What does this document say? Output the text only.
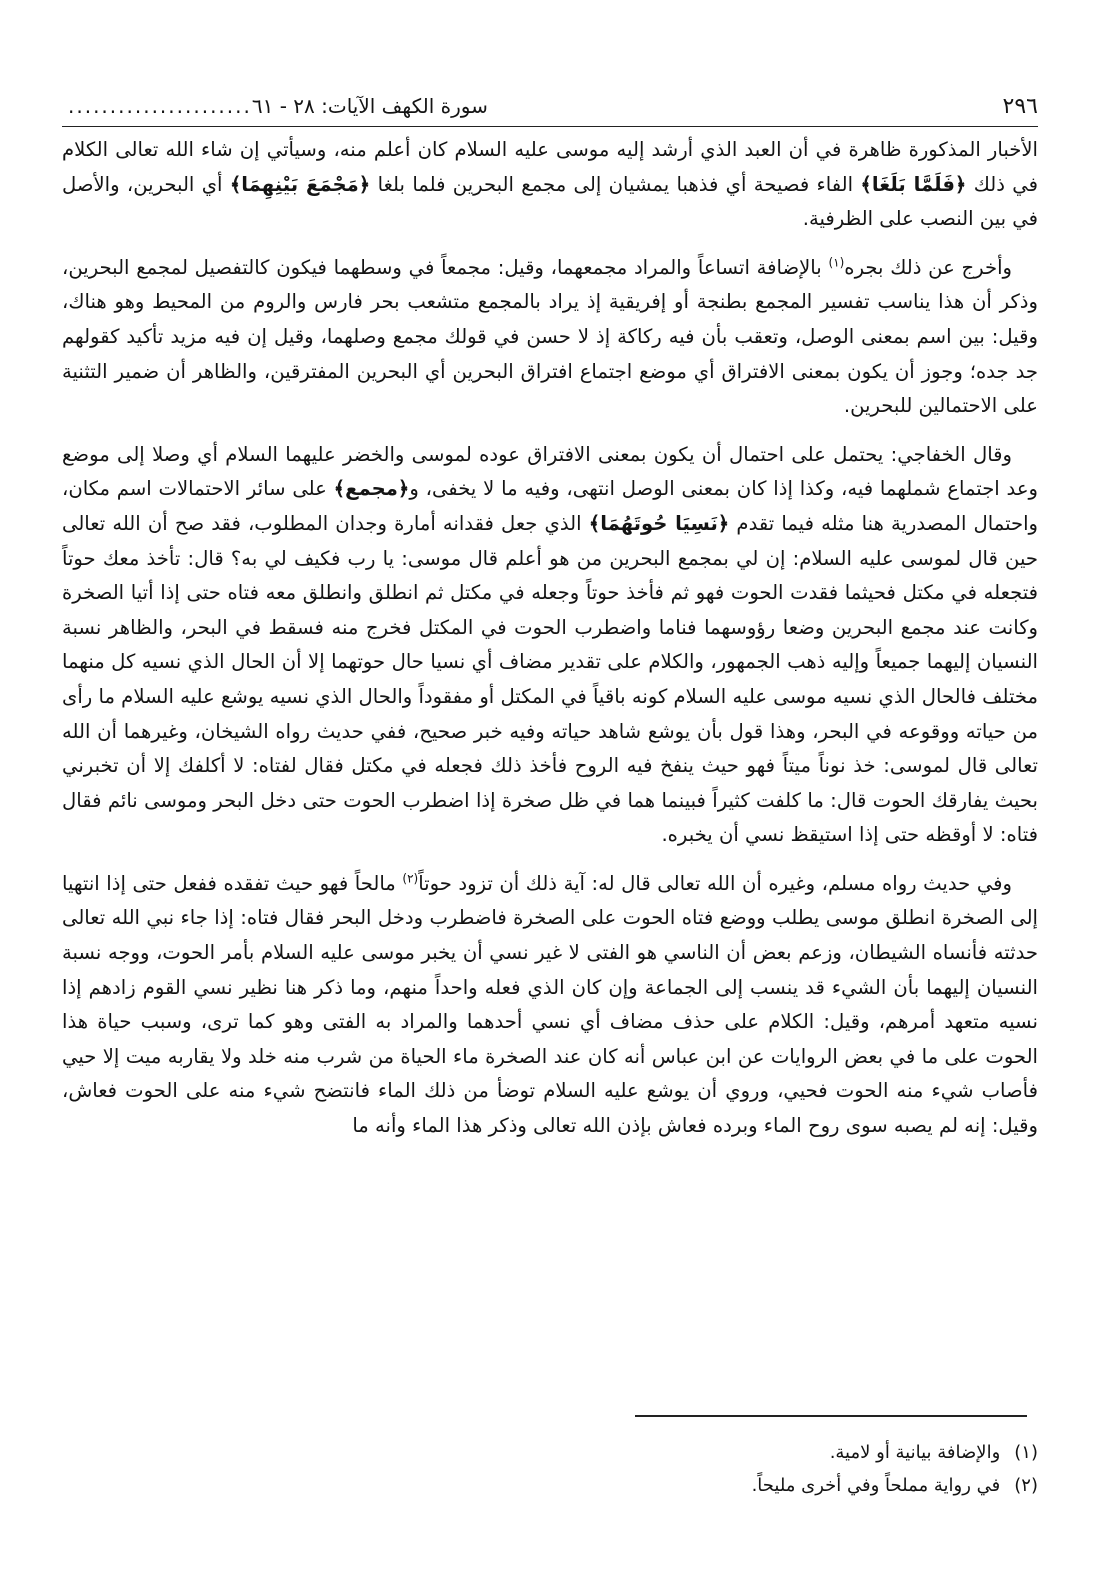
٢٩٦
سورة الكهف الآيات: ٢٨ - ٦١
......................

الأخبار المذكورة ظاهرة في أن العبد الذي أرشد إليه موسى عليه السلام كان أعلم منه، وسيأتي إن شاء الله تعالى الكلام في ذلك ﴿فَلَمَّا بَلَغَا﴾ الفاء فصيحة أي فذهبا يمشيان إلى مجمع البحرين فلما بلغا ﴿مَجْمَعَ بَيْنِهِمَا﴾ أي البحرين، والأصل في بين النصب على الظرفية.

وأخرج عن ذلك بجره$^{(١)}$ بالإضافة اتساعاً والمراد مجمعهما، وقيل: مجمعاً في وسطهما فيكون كالتفصيل لمجمع البحرين، وذكر أن هذا يناسب تفسير المجمع بطنجة أو إفريقية إذ يراد بالمجمع متشعب بحر فارس والروم من المحيط وهو هناك، وقيل: بين اسم بمعنى الوصل، وتعقب بأن فيه ركاكة إذ لا حسن في قولك مجمع وصلهما، وقيل إن فيه مزيد تأكيد كقولهم جد جده؛ وجوز أن يكون بمعنى الافتراق أي موضع اجتماع افتراق البحرين أي البحرين المفترقين، والظاهر أن ضمير التثنية على الاحتمالين للبحرين.

وقال الخفاجي: يحتمل على احتمال أن يكون بمعنى الافتراق عوده لموسى والخضر عليهما السلام أي وصلا إلى موضع وعد اجتماع شملهما فيه، وكذا إذا كان بمعنى الوصل انتهى، وفيه ما لا يخفى، و﴿مجمع﴾ على سائر الاحتمالات اسم مكان، واحتمال المصدرية هنا مثله فيما تقدم ﴿نَسِيَا حُوتَهُمَا﴾ الذي جعل فقدانه أمارة وجدان المطلوب، فقد صح أن الله تعالى حين قال لموسى عليه السلام: إن لي بمجمع البحرين من هو أعلم قال موسى: يا رب فكيف لي به؟ قال: تأخذ معك حوتاً فتجعله في مكتل فحيثما فقدت الحوت فهو ثم فأخذ حوتاً وجعله في مكتل ثم انطلق وانطلق معه فتاه حتى إذا أتيا الصخرة وكانت عند مجمع البحرين وضعا رؤوسهما فناما واضطرب الحوت في المكتل فخرج منه فسقط في البحر، والظاهر نسبة النسيان إليهما جميعاً وإليه ذهب الجمهور، والكلام على تقدير مضاف أي نسيا حال حوتهما إلا أن الحال الذي نسيه كل منهما مختلف فالحال الذي نسيه موسى عليه السلام كونه باقياً في المكتل أو مفقوداً والحال الذي نسيه يوشع عليه السلام ما رأى من حياته ووقوعه في البحر، وهذا قول بأن يوشع شاهد حياته وفيه خبر صحيح، ففي حديث رواه الشيخان، وغيرهما أن الله تعالى قال لموسى: خذ نوناً ميتاً فهو حيث ينفخ فيه الروح فأخذ ذلك فجعله في مكتل فقال لفتاه: لا أكلفك إلا أن تخبرني بحيث يفارقك الحوت قال: ما كلفت كثيراً فبينما هما في ظل صخرة إذا اضطرب الحوت حتى دخل البحر وموسى نائم فقال فتاه: لا أوقظه حتى إذا استيقظ نسي أن يخبره.

وفي حديث رواه مسلم، وغيره أن الله تعالى قال له: آية ذلك أن تزود حوتاً$^{(٢)}$ مالحاً فهو حيث تفقده ففعل حتى إذا انتهيا إلى الصخرة انطلق موسى يطلب ووضع فتاه الحوت على الصخرة فاضطرب ودخل البحر فقال فتاه: إذا جاء نبي الله تعالى حدثته فأنساه الشيطان، وزعم بعض أن الناسي هو الفتى لا غير نسي أن يخبر موسى عليه السلام بأمر الحوت، ووجه نسبة النسيان إليهما بأن الشيء قد ينسب إلى الجماعة وإن كان الذي فعله واحداً منهم، وما ذكر هنا نظير نسي القوم زادهم إذا نسيه متعهد أمرهم، وقيل: الكلام على حذف مضاف أي نسي أحدهما والمراد به الفتى وهو كما ترى، وسبب حياة هذا الحوت على ما في بعض الروايات عن ابن عباس أنه كان عند الصخرة ماء الحياة من شرب منه خلد ولا يقاربه ميت إلا حيي فأصاب شيء منه الحوت فحيي، وروي أن يوشع عليه السلام توضأ من ذلك الماء فانتضح شيء منه على الحوت فعاش، وقيل: إنه لم يصبه سوى روح الماء وبرده فعاش بإذن الله تعالى وذكر هذا الماء وأنه ما

(١)
والإضافة بيانية أو لامية.
(٢)
في رواية مملحاً وفي أخرى مليحاً.
